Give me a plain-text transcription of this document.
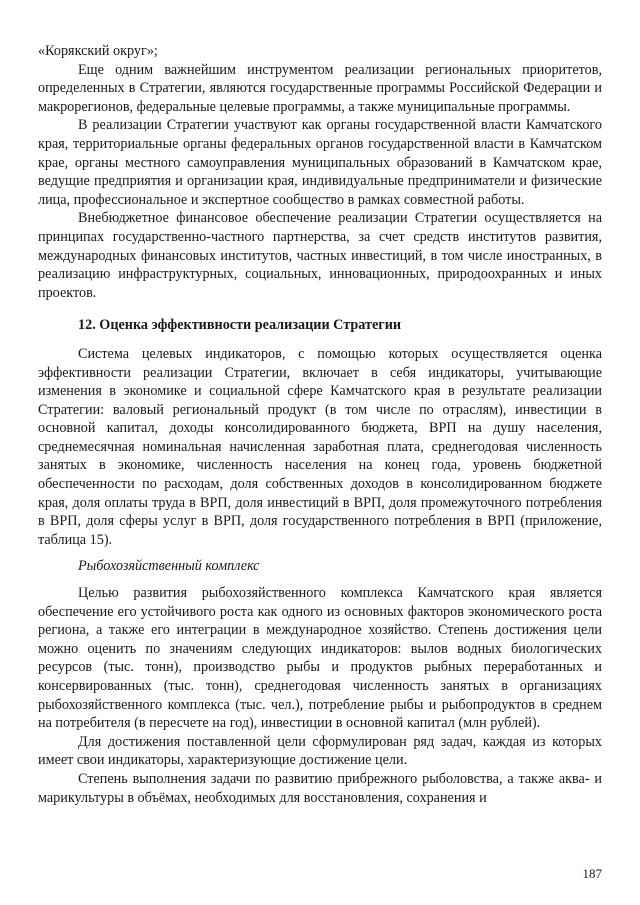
«Корякский округ»;

Еще одним важнейшим инструментом реализации региональных приоритетов, определенных в Стратегии, являются государственные программы Российской Федерации и макрорегионов, федеральные целевые программы, а также муниципальные программы.

В реализации Стратегии участвуют как органы государственной власти Камчатского края, территориальные органы федеральных органов государственной власти в Камчатском крае, органы местного самоуправления муниципальных образований в Камчатском крае, ведущие предприятия и организации края, индивидуальные предприниматели и физические лица, профессиональное и экспертное сообщество в рамках совместной работы.

Внебюджетное финансовое обеспечение реализации Стратегии осуществляется на принципах государственно-частного партнерства, за счет средств институтов развития, международных финансовых институтов, частных инвестиций, в том числе иностранных, в реализацию инфраструктурных, социальных, инновационных, природоохранных и иных проектов.

12. Оценка эффективности реализации Стратегии

Система целевых индикаторов, с помощью которых осуществляется оценка эффективности реализации Стратегии, включает в себя индикаторы, учитывающие изменения в экономике и социальной сфере Камчатского края в результате реализации Стратегии: валовый региональный продукт (в том числе по отраслям), инвестиции в основной капитал, доходы консолидированного бюджета, ВРП на душу населения, среднемесячная номинальная начисленная заработная плата, среднегодовая численность занятых в экономике, численность населения на конец года, уровень бюджетной обеспеченности по расходам, доля собственных доходов в консолидированном бюджете края, доля оплаты труда в ВРП, доля инвестиций в ВРП, доля промежуточного потребления в ВРП, доля сферы услуг в ВРП, доля государственного потребления в ВРП (приложение, таблица 15).

Рыбохозяйственный комплекс

Целью развития рыбохозяйственного комплекса Камчатского края является обеспечение его устойчивого роста как одного из основных факторов экономического роста региона, а также его интеграции в международное хозяйство. Степень достижения цели можно оценить по значениям следующих индикаторов: вылов водных биологических ресурсов (тыс. тонн), производство рыбы и продуктов рыбных переработанных и консервированных (тыс. тонн), среднегодовая численность занятых в организациях рыбохозяйственного комплекса (тыс. чел.), потребление рыбы и рыбопродуктов в среднем на потребителя (в пересчете на год), инвестиции в основной капитал (млн рублей).

Для достижения поставленной цели сформулирован ряд задач, каждая из которых имеет свои индикаторы, характеризующие достижение цели.

Степень выполнения задачи по развитию прибрежного рыболовства, а также аква- и марикультуры в объёмах, необходимых для восстановления, сохранения и

187
